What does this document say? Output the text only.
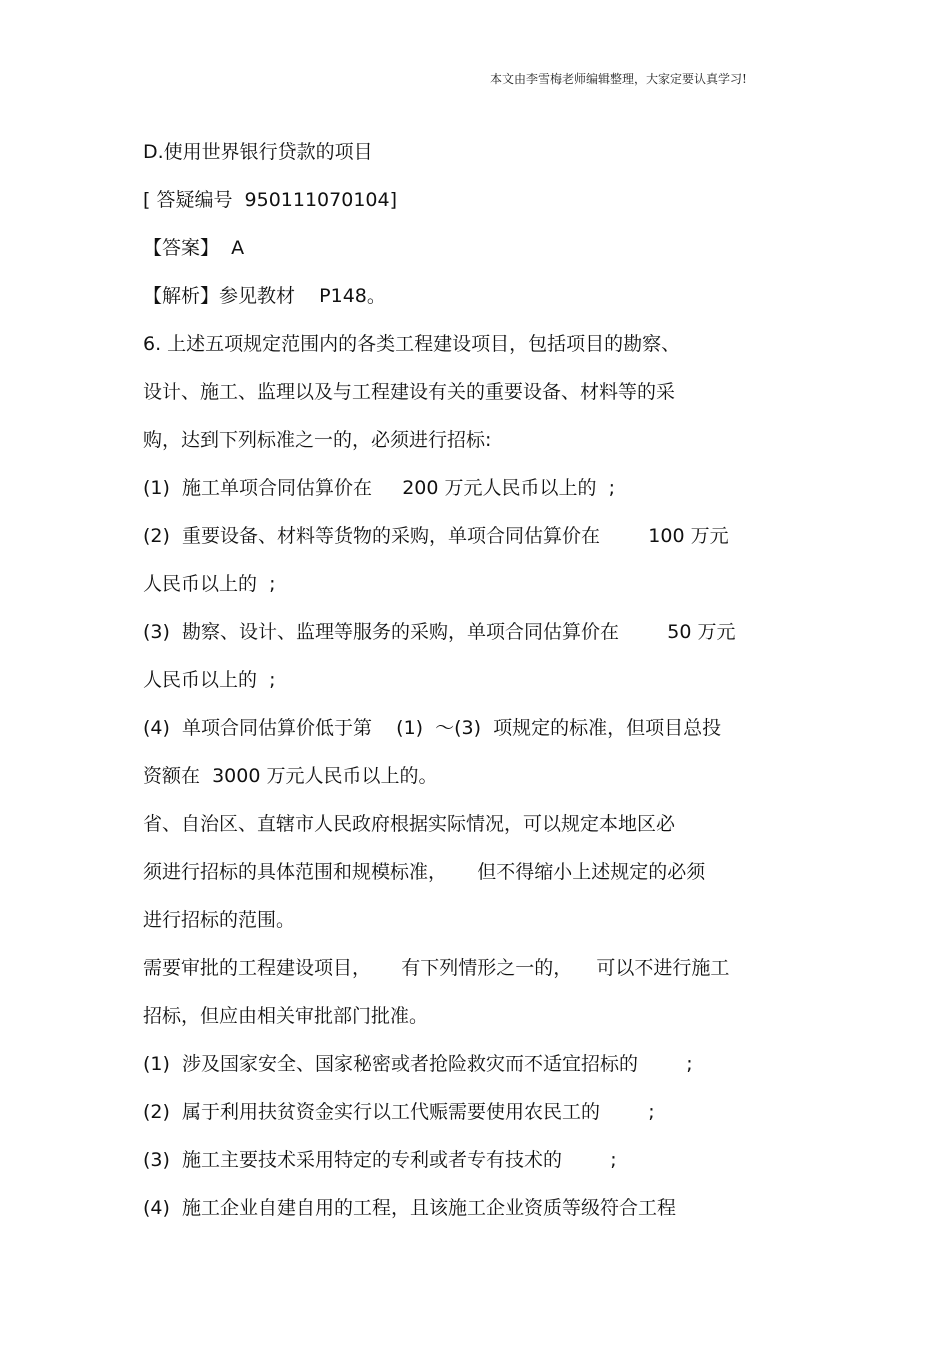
本文由李雪梅老师编辑整理，大家定要认真学习!
D.使用世界银行贷款的项目
[ 答疑编号  950111070104]
【答案】  A
【解析】参见教材    P148。
6. 上述五项规定范围内的各类工程建设项目，包括项目的勘察、
设计、施工、监理以及与工程建设有关的重要设备、材料等的采
购，达到下列标准之一的，必须进行招标:
(1)  施工单项合同估算价在     200 万元人民币以上的  ;
(2)  重要设备、材料等货物的采购，单项合同估算价在        100 万元
人民币以上的  ;
(3)  勘察、设计、监理等服务的采购，单项合同估算价在        50 万元
人民币以上的  ;
(4)  单项合同估算价低于第    (1)  ～(3)  项规定的标准，但项目总投
资额在  3000 万元人民币以上的。
省、自治区、直辖市人民政府根据实际情况，可以规定本地区必
须进行招标的具体范围和规模标准，     但不得缩小上述规定的必须
进行招标的范围。
需要审批的工程建设项目，     有下列情形之一的，    可以不进行施工
招标，但应由相关审批部门批准。
(1)  涉及国家安全、国家秘密或者抢险救灾而不适宜招标的        ;
(2)  属于利用扶贫资金实行以工代赈需要使用农民工的        ;
(3)  施工主要技术采用特定的专利或者专有技术的        ;
(4)  施工企业自建自用的工程，且该施工企业资质等级符合工程
